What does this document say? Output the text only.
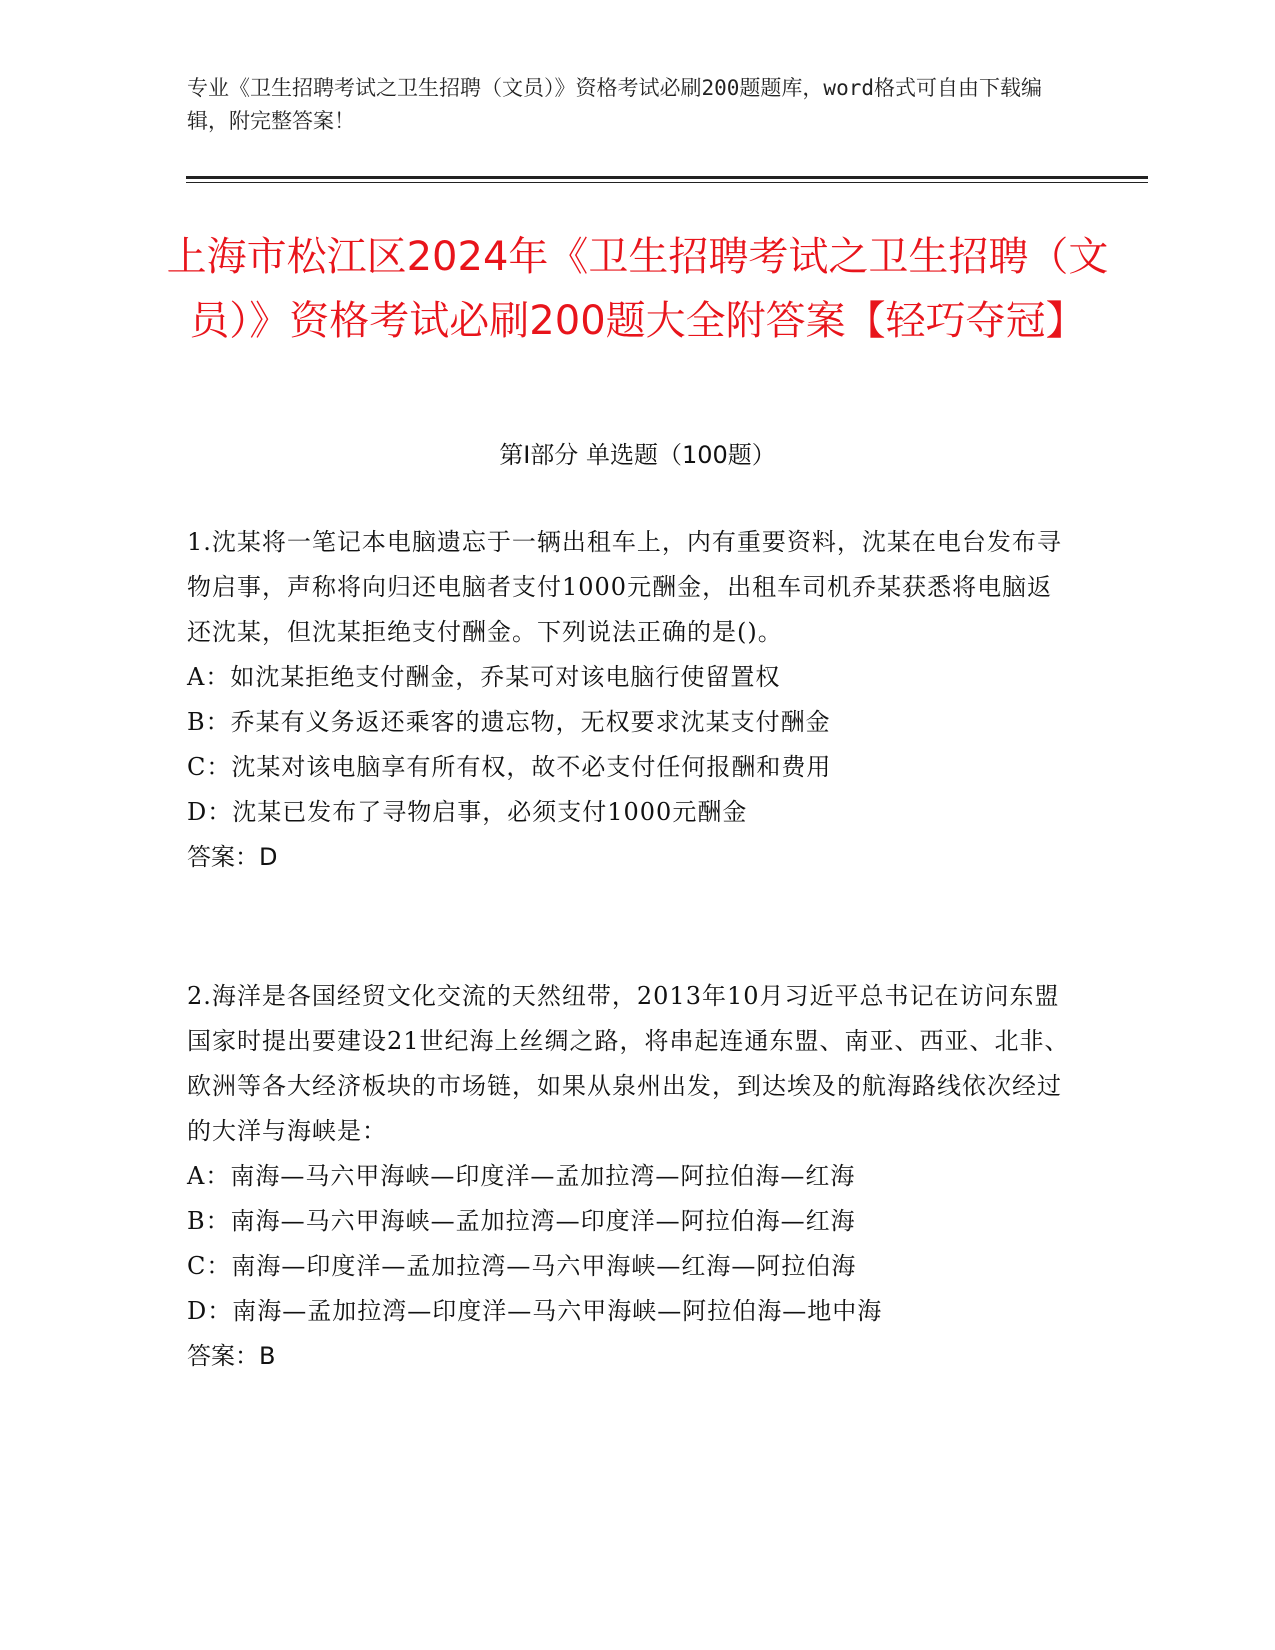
专业《卫生招聘考试之卫生招聘（文员）》资格考试必刷200题题库，word格式可自由下载编辑，附完整答案！
上海市松江区2024年《卫生招聘考试之卫生招聘（文员）》资格考试必刷200题大全附答案【轻巧夺冠】
第I部分 单选题（100题）
1.沈某将一笔记本电脑遗忘于一辆出租车上，内有重要资料，沈某在电台发布寻物启事，声称将向归还电脑者支付1000元酬金，出租车司机乔某获悉将电脑返还沈某，但沈某拒绝支付酬金。下列说法正确的是()。
A：如沈某拒绝支付酬金，乔某可对该电脑行使留置权
B：乔某有义务返还乘客的遗忘物，无权要求沈某支付酬金
C：沈某对该电脑享有所有权，故不必支付任何报酬和费用
D：沈某已发布了寻物启事，必须支付1000元酬金
答案：D
2.海洋是各国经贸文化交流的天然纽带，2013年10月习近平总书记在访问东盟国家时提出要建设21世纪海上丝绸之路，将串起连通东盟、南亚、西亚、北非、欧洲等各大经济板块的市场链，如果从泉州出发，到达埃及的航海路线依次经过的大洋与海峡是：
A：南海—马六甲海峡—印度洋—孟加拉湾—阿拉伯海—红海
B：南海—马六甲海峡—孟加拉湾—印度洋—阿拉伯海—红海
C：南海—印度洋—孟加拉湾—马六甲海峡—红海—阿拉伯海
D：南海—孟加拉湾—印度洋—马六甲海峡—阿拉伯海—地中海
答案：B
